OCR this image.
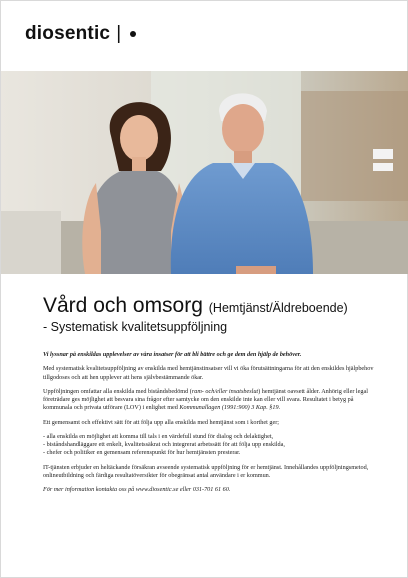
diosentic |
Vård och omsorg (Hemtjänst/Äldreboende)
- Systematisk kvalitetsuppföljning

Vi lyssnar på enskildas upplevelser av våra insatser för att bli bättre och ge dem den hjälp de behöver.

Med systematisk kvalitetsuppföljning av enskilda med hemtjänstinsatser vill vi öka förutsättningarna för att den enskildes hjälpbehov tillgodoses och att hen upplever att hens självbestämmande ökar.

Uppföljningen omfattar alla enskilda med biståndsbedömd (ram- och/eller insatsbeslut) hemtjänst oavsett ålder. Anhörig eller legal företrädare ges möjlighet att besvara sina frågor efter samtycke om den enskilde inte kan eller vill svara. Resultatet i betyg på kommunala och privata utförare (LOV) i enlighet med Kommunallagen (1991:900) 3 Kap. §19.

Ett gemensamt och effektivt sätt för att följa upp alla enskilda med hemtjänst som i korthet ger;

- alla enskilda en möjlighet att komma till tals i en värdefull stund för dialog och delaktighet,
- biståndshandläggare ett enkelt, kvalitetssäkrat och integrerat arbetssätt för att följa upp enskilda,
- chefer och politiker en gemensam referenspunkt för hur hemtjänsten presterar.

IT-tjänsten erbjuder en heltäckande försäkran avseende systematisk uppföljning för er hemtjänst. Innehållandes uppföljningsmetod, onlineutbildning och färdiga resultatöversikter för obegränsat antal användare i er kommun.

För mer information kontakta oss på www.diosentic.se eller 031-701 61 60.
